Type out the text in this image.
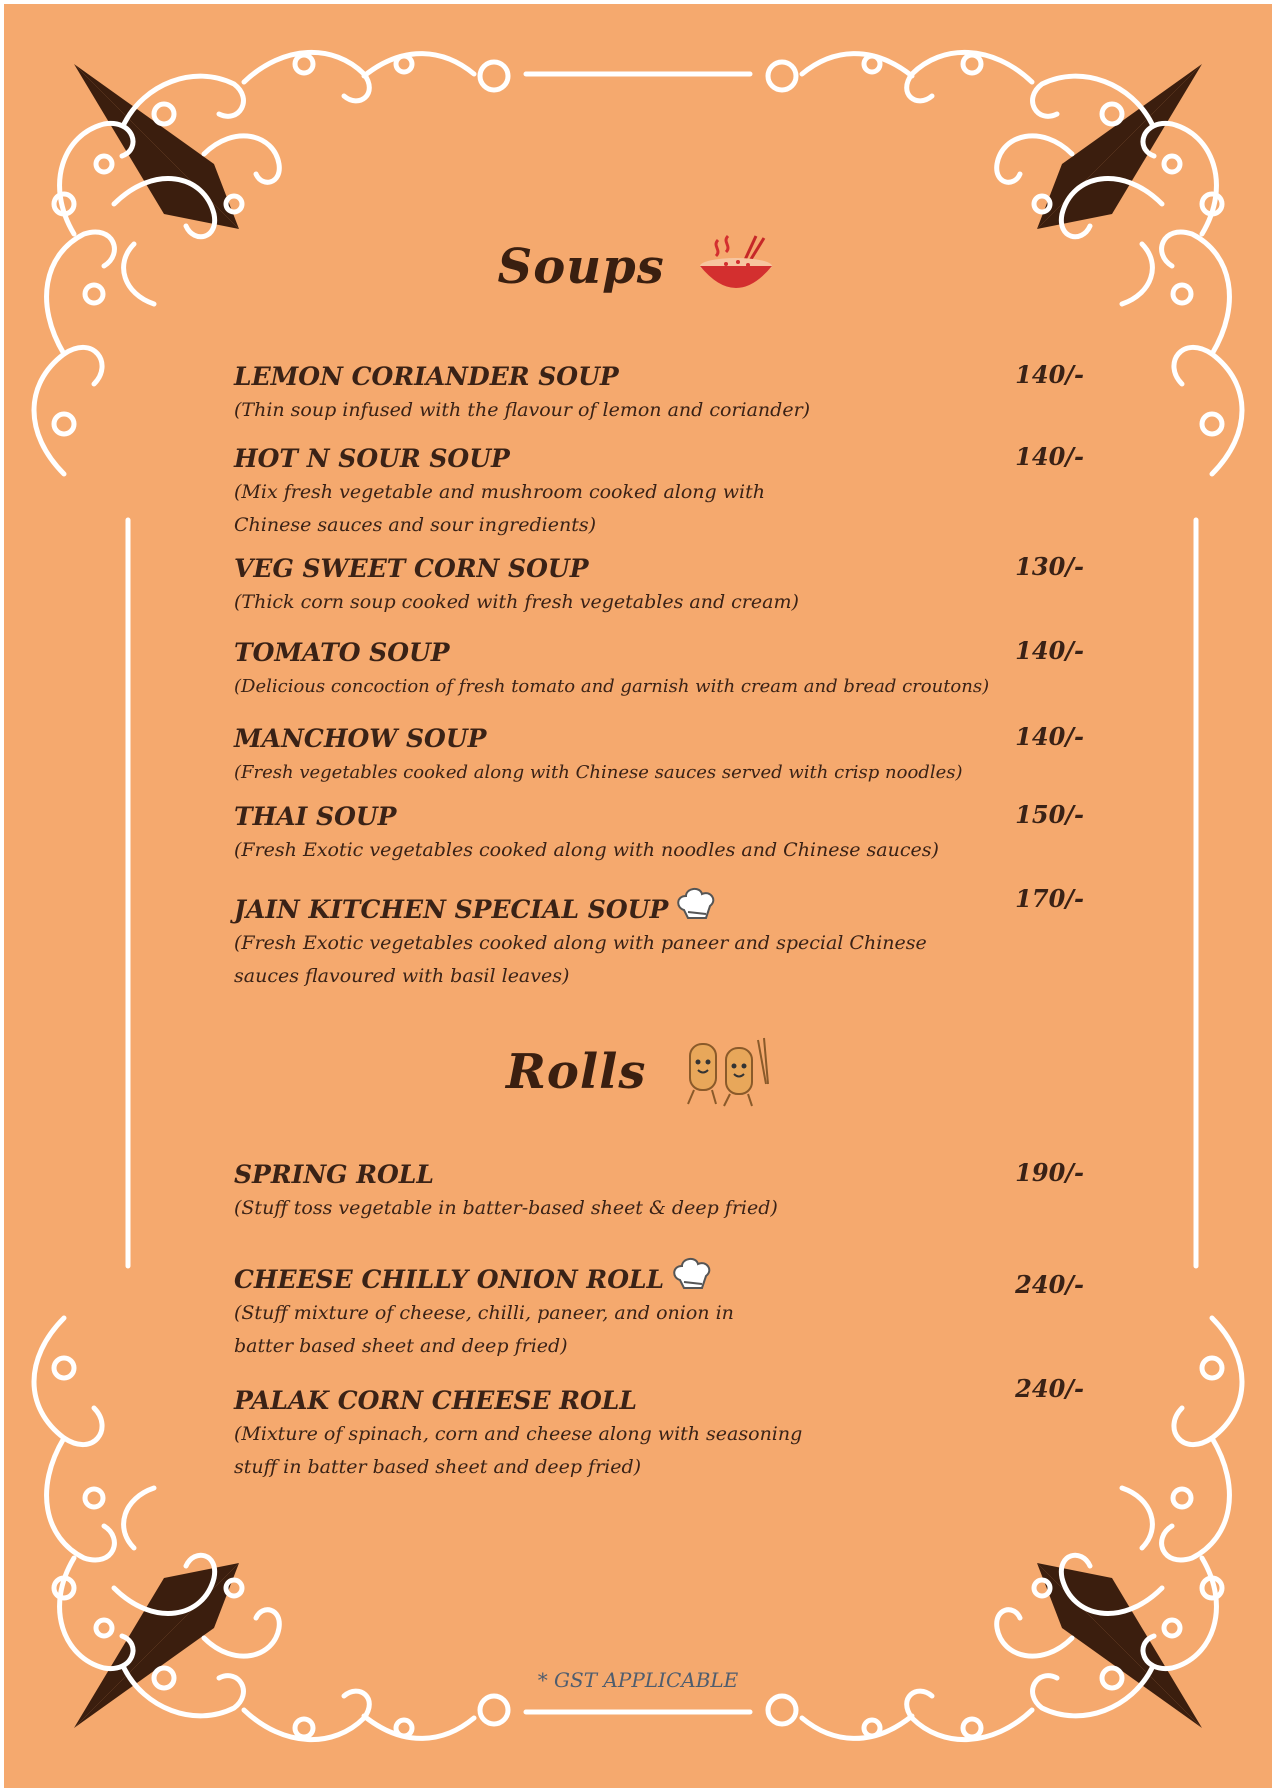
Soups
LEMON CORIANDER SOUP
(Thin soup infused with the flavour of lemon and coriander)
140/-
HOT N SOUR SOUP
(Mix fresh vegetable and mushroom cooked along with Chinese sauces and sour ingredients)
140/-
VEG SWEET CORN SOUP
(Thick corn soup cooked with fresh vegetables and cream)
130/-
TOMATO SOUP
(Delicious concoction of fresh tomato and garnish with cream and bread croutons)
140/-
MANCHOW SOUP
(Fresh vegetables cooked along with Chinese sauces served with crisp noodles)
140/-
THAI SOUP
(Fresh Exotic vegetables cooked along with noodles and Chinese sauces)
150/-
JAIN KITCHEN SPECIAL SOUP
(Fresh Exotic vegetables cooked along with paneer and special Chinese sauces flavoured with basil leaves)
170/-
Rolls
SPRING ROLL
(Stuff toss vegetable in batter-based sheet & deep fried)
190/-
CHEESE CHILLY ONION ROLL
(Stuff mixture of cheese, chilli, paneer, and onion in batter based sheet and deep fried)
240/-
PALAK CORN CHEESE ROLL
(Mixture of spinach, corn and cheese along with seasoning stuff in batter based sheet and deep fried)
240/-
* GST APPLICABLE
